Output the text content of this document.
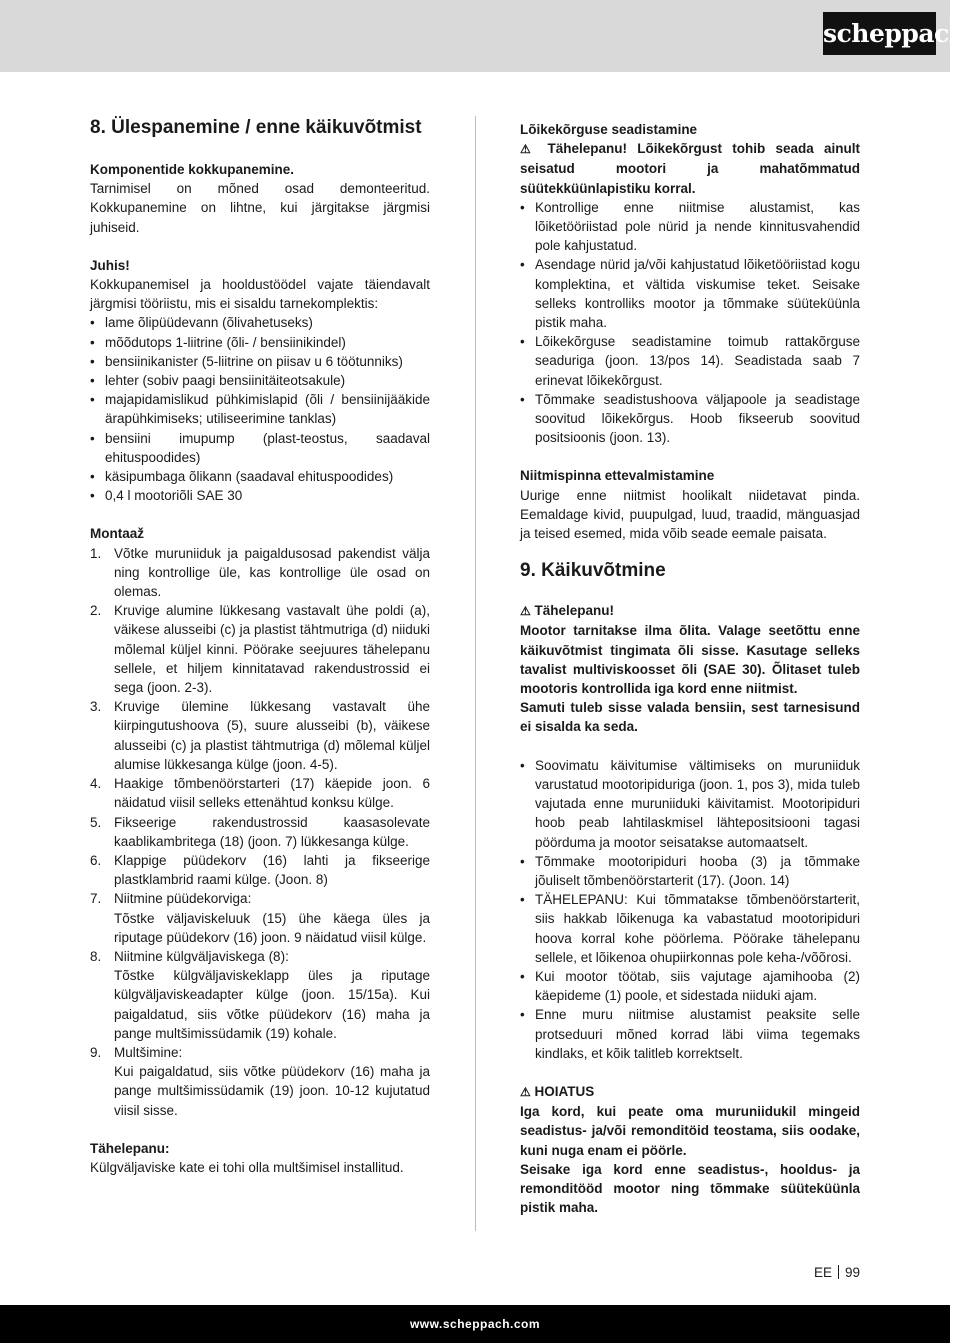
scheppach
8. Ülespanemine / enne käikuvõtmist

Komponentide kokkupanemine.

Tarnimisel on mõned osad demonteeritud. Kokkupanemine on lihtne, kui järgitakse järgmisi juhiseid.

Juhis!

Kokkupanemisel ja hooldustöödel vajate täiendavalt järgmisi tööriistu, mis ei sisaldu tarnekomplektis:

• lame õlipüüdevann (õlivahetuseks)
• mõõdutops 1-liitrine (õli- / bensiinikindel)
• bensiinikanister (5-liitrine on piisav u 6 töötunniks)
• lehter (sobiv paagi bensiinitäiteotsakule)
• majapidamislikud pühkimislapid (õli / bensiinijääkide ärapühkimiseks; utiliseerimine tanklas)
• bensiini imupump (plast-teostus, saadaval ehituspoodides)
• käsipumbaga õlikann (saadaval ehituspoodides)
• 0,4 l mootoriõli SAE 30

Montaaž

1. Võtke muruniiduk ja paigaldusosad pakendist välja ning kontrollige üle, kas kontrollige üle osad on olemas.
2. Kruvige alumine lükkesang vastavalt ühe poldi (a), väikese alusseibi (c) ja plastist tähtmutriga (d) niiduki mõlemal küljel kinni. Pöörake seejuures tähelepanu sellele, et hiljem kinnitatavad rakendustrossid ei sega (joon. 2-3).
3. Kruvige ülemine lükkesang vastavalt ühe kiirpingutushoova (5), suure alusseibi (b), väikese alusseibi (c) ja plastist tähtmutriga (d) mõlemal küljel alumise lükkesanga külge (joon. 4-5).
4. Haakige tõmbenöörstarteri (17) käepide joon. 6 näidatud viisil selleks ettenähtud konksu külge.
5. Fikseerige rakendustrossid kaasasolevate kaablikambritega (18) (joon. 7) lükkesanga külge.
6. Klappige püüdekorv (16) lahti ja fikseerige plastklambrid raami külge. (Joon. 8)
7. Niitmine püüdekorviga:
Tõstke väljaviskeluuk (15) ühe käega üles ja riputage püüdekorv (16) joon. 9 näidatud viisil külge.
8. Niitmine külgväljaviskega (8):
Tõstke külgväljaviskeklapp üles ja riputage külgväljaviskeadapter külge (joon. 15/15a). Kui paigaldatud, siis võtke püüdekorv (16) maha ja pange multšimissüdamik (19) kohale.
9. Multšimine:
Kui paigaldatud, siis võtke püüdekorv (16) maha ja pange multšimissüdamik (19) joon. 10-12 kujutatud viisil sisse.

Tähelepanu:

Külgväljaviske kate ei tohi olla multšimisel installitud.

Lõikekõrguse seadistamine

⚠ Tähelepanu! Lõikekõrgust tohib seada ainult seisatud mootori ja mahatõmmatud süütekküünlapistiku korral.

• Kontrollige enne niitmise alustamist, kas lõiketööriistad pole nürid ja nende kinnitusvahendid pole kahjustatud.
• Asendage nürid ja/või kahjustatud lõiketööriistad kogu komplektina, et vältida viskumise teket. Seisake selleks kontrolliks mootor ja tõmmake süüteküünla pistik maha.
• Lõikekõrguse seadistamine toimub rattakõrguse seaduriga (joon. 13/pos 14). Seadistada saab 7 erinevat lõikekõrgust.
• Tõmmake seadistushoova väljapoole ja seadistage soovitud lõikekõrgus. Hoob fikseerub soovitud positsioonis (joon. 13).

Niitmispinna ettevalmistamine

Uurige enne niitmist hoolikalt niidetavat pinda. Eemaldage kivid, puupulgad, luud, traadid, mänguasjad ja teised esemed, mida võib seade eemale paisata.

9. Käikuvõtmine

⚠ Tähelepanu!

Mootor tarnitakse ilma õlita. Valage seetõttu enne käikuvõtmist tingimata õli sisse. Kasutage selleks tavalist multiviskoosset õli (SAE 30). Õlitaset tuleb mootoris kontrollida iga kord enne niitmist.

Samuti tuleb sisse valada bensiin, sest tarnesisund ei sisalda ka seda.

• Soovimatu käivitumise vältimiseks on muruniiduk varustatud mootoripiduriga (joon. 1, pos 3), mida tuleb vajutada enne muruniiduki käivitamist. Mootoripiduri hoob peab lahtilaskmisel lähtepositsiooni tagasi pöörduma ja mootor seisatakse automaatselt.
• Tõmmake mootoripiduri hooba (3) ja tõmmake jõuliselt tõmbenöörstarterit (17). (Joon. 14)
• TÄHELEPANU: Kui tõmmatakse tõmbenöörstarterit, siis hakkab lõikenuga ka vabastatud mootoripiduri hoova korral kohe pöörlema. Pöörake tähelepanu sellele, et lõikenoa ohupiirkonnas pole keha-/võõrosi.
• Kui mootor töötab, siis vajutage ajamihooba (2) käepideme (1) poole, et sidestada niiduki ajam.
• Enne muru niitmise alustamist peaksite selle protseduuri mõned korrad läbi viima tegemaks kindlaks, et kõik talitleb korrektselt.

⚠ HOIATUS

Iga kord, kui peate oma muruniidukil mingeid seadistus- ja/või remonditöid teostama, siis oodake, kuni nuga enam ei pöörle.

Seisake iga kord enne seadistus-, hooldus- ja remonditööd mootor ning tõmmake süüteküünla pistik maha.

EE 99
www.scheppach.com
